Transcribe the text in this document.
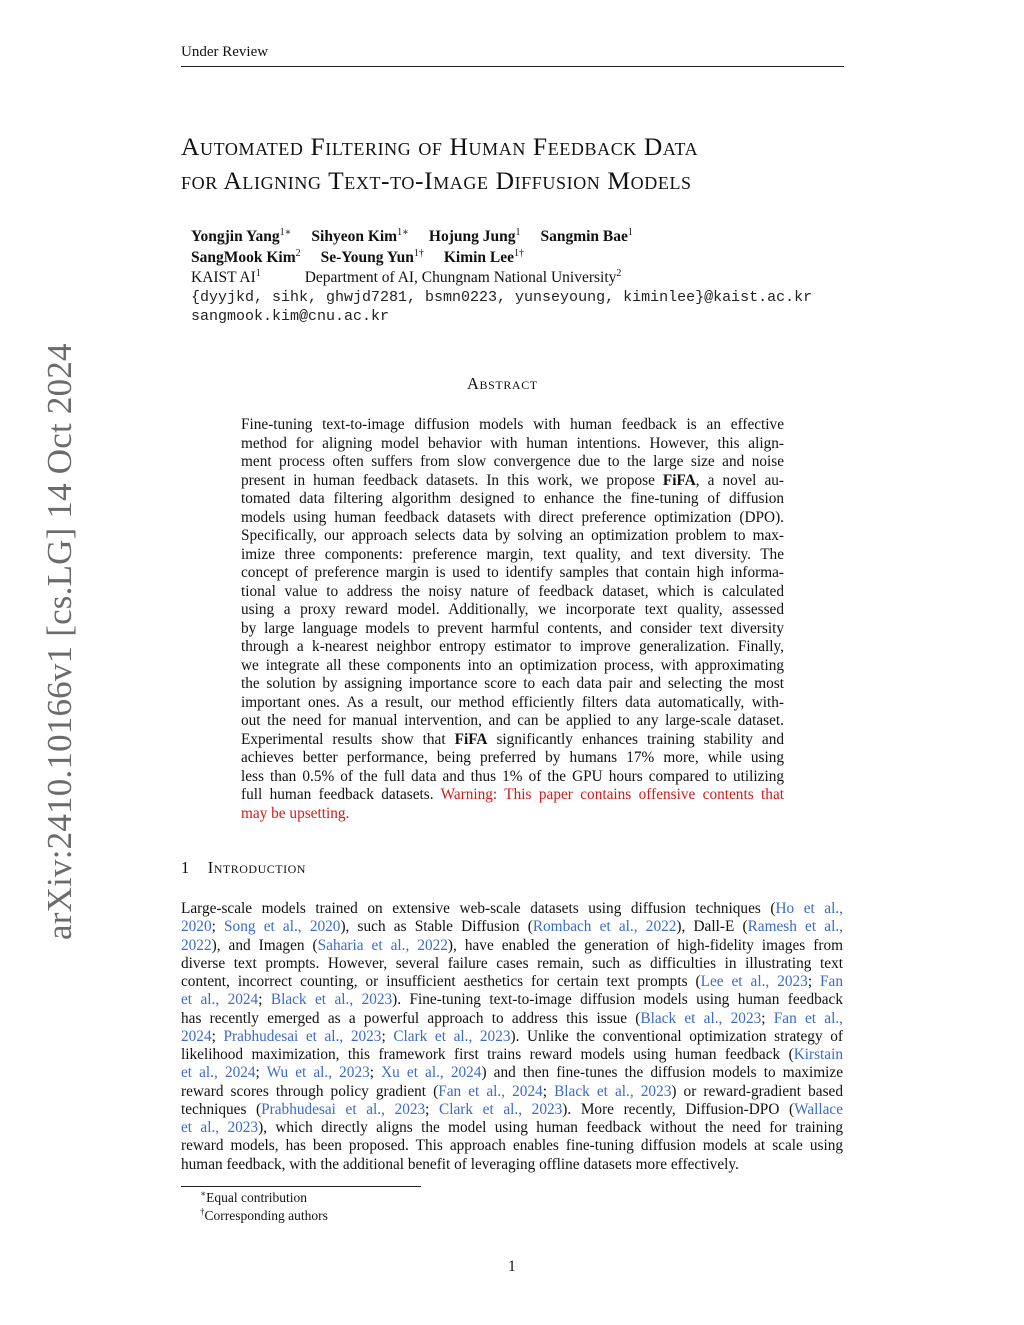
Under Review
arXiv:2410.10166v1 [cs.LG] 14 Oct 2024
Automated Filtering of Human Feedback Data
for Aligning Text-to-Image Diffusion Models
Yongjin Yang$^{1∗}$ Sihyeon Kim$^{1∗}$ Hojung Jung$^1$ Sangmin Bae$^1$
SangMook Kim$^2$ Se-Young Yun$^{1\dagger}$ Kimin Lee$^{1\dagger}$
KAIST $AI^1$	Department of AI, Chungnam National University$^2$
{dyyjkd, sihk, ghwjd7281, bsmn0223, yunseyoung, kiminlee}@kaist.ac.kr
sangmook.kim@cnu.ac.kr
Abstract
Fine-tuning text-to-image diffusion models with human feedback is an effective
method for aligning model behavior with human intentions. However, this align-
ment process often suffers from slow convergence due to the large size and noise
present in human feedback datasets. In this work, we propose FiFA, a novel au-
tomated data filtering algorithm designed to enhance the fine-tuning of diffusion
models using human feedback datasets with direct preference optimization (DPO).
Specifically, our approach selects data by solving an optimization problem to max-
imize three components: preference margin, text quality, and text diversity. The
concept of preference margin is used to identify samples that contain high informa-
tional value to address the noisy nature of feedback dataset, which is calculated
using a proxy reward model. Additionally, we incorporate text quality, assessed
by large language models to prevent harmful contents, and consider text diversity
through a k-nearest neighbor entropy estimator to improve generalization. Finally,
we integrate all these components into an optimization process, with approximating
the solution by assigning importance score to each data pair and selecting the most
important ones. As a result, our method efficiently filters data automatically, with-
out the need for manual intervention, and can be applied to any large-scale dataset.
Experimental results show that FiFA significantly enhances training stability and
achieves better performance, being preferred by humans 17% more, while using
less than 0.5% of the full data and thus 1% of the GPU hours compared to utilizing
full human feedback datasets. Warning: This paper contains offensive contents that
may be upsetting.
1 Introduction
Large-scale models trained on extensive web-scale datasets using diffusion techniques (Ho et al.,
2020; Song et al., 2020), such as Stable Diffusion (Rombach et al., 2022), Dall-E (Ramesh et al.,
2022), and Imagen (Saharia et al., 2022), have enabled the generation of high-fidelity images from
diverse text prompts. However, several failure cases remain, such as difficulties in illustrating text
content, incorrect counting, or insufficient aesthetics for certain text prompts (Lee et al., 2023; Fan
et al., 2024; Black et al., 2023). Fine-tuning text-to-image diffusion models using human feedback
has recently emerged as a powerful approach to address this issue (Black et al., 2023; Fan et al.,
2024; Prabhudesai et al., 2023; Clark et al., 2023). Unlike the conventional optimization strategy of
likelihood maximization, this framework first trains reward models using human feedback (Kirstain
et al., 2024; Wu et al., 2023; Xu et al., 2024) and then fine-tunes the diffusion models to maximize
reward scores through policy gradient (Fan et al., 2024; Black et al., 2023) or reward-gradient based
techniques (Prabhudesai et al., 2023; Clark et al., 2023). More recently, Diffusion-DPO (Wallace
et al., 2023), which directly aligns the model using human feedback without the need for training
reward models, has been proposed. This approach enables fine-tuning diffusion models at scale using
human feedback, with the additional benefit of leveraging offline datasets more effectively.
∗Equal contribution
†Corresponding authors
1
